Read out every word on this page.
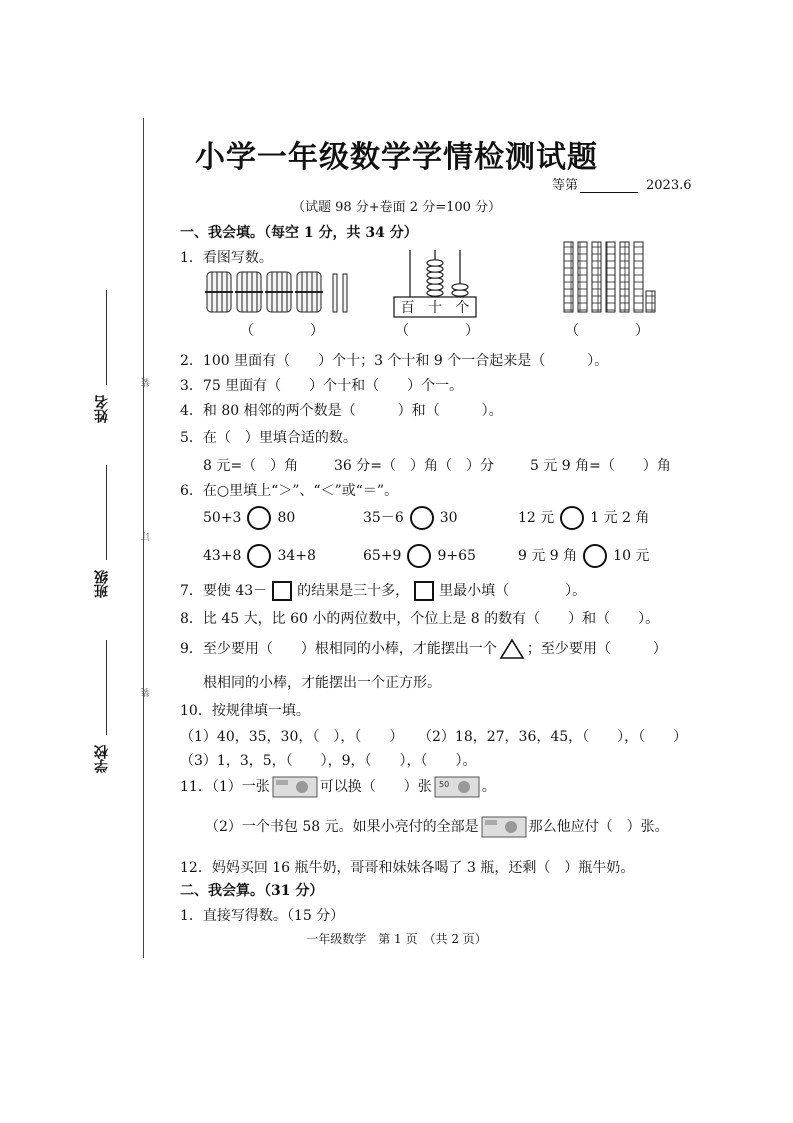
小学一年级数学学情检测试题
等第	2023.6
（试题 98 分+卷面 2 分=100 分）
姓名
班级
学校
装
订
装
一、我会填。（每空 1 分，共 34 分）
1．看图写数。
（　　　　）
百 十 个
（　　　　）	（　　　　）
2．100 里面有（　　）个十；3 个十和 9 个一合起来是（　　　）。
3．75 里面有（　　）个十和（　　）个一。
4．和 80 相邻的两个数是（　　　）和（　　　）。
5．在（　）里填合适的数。
8 元=（　）角	36 分=（　）角（　）分	5 元 9 角=（　　）角
6．在○里填上“＞”、“＜”或“＝”。
50+3	80	35－6	30	12 元	1 元 2 角
43+8	34+8	65+9	9+65	9 元 9 角	10 元
7．要使 43－ 的结果是三十多， 里最小填（　　　　）。
8．比 45 大，比 60 小的两位数中，个位上是 8 的数有（　　）和（　　）。
9．至少要用（　　）根相同的小棒，才能摆出一个 ；至少要用（　　　）
根相同的小棒，才能摆出一个正方形。
10．按规律填一填。
（1）40，35，30，（　），（　　） （2）18，27，36，45，（　　），（　　）
（3）1，3，5，（　　），9，（　　），（　　）。
11．（1）一张	可以换（　　）张 50 。
（2）一个书包 58 元。如果小亮付的全部是	那么他应付（　）张。
12．妈妈买回 16 瓶牛奶，哥哥和妹妹各喝了 3 瓶，还剩（　）瓶牛奶。
二、我会算。（31 分）
1．直接写得数。（15 分）
一年级数学　第 1 页　（共 2 页）
